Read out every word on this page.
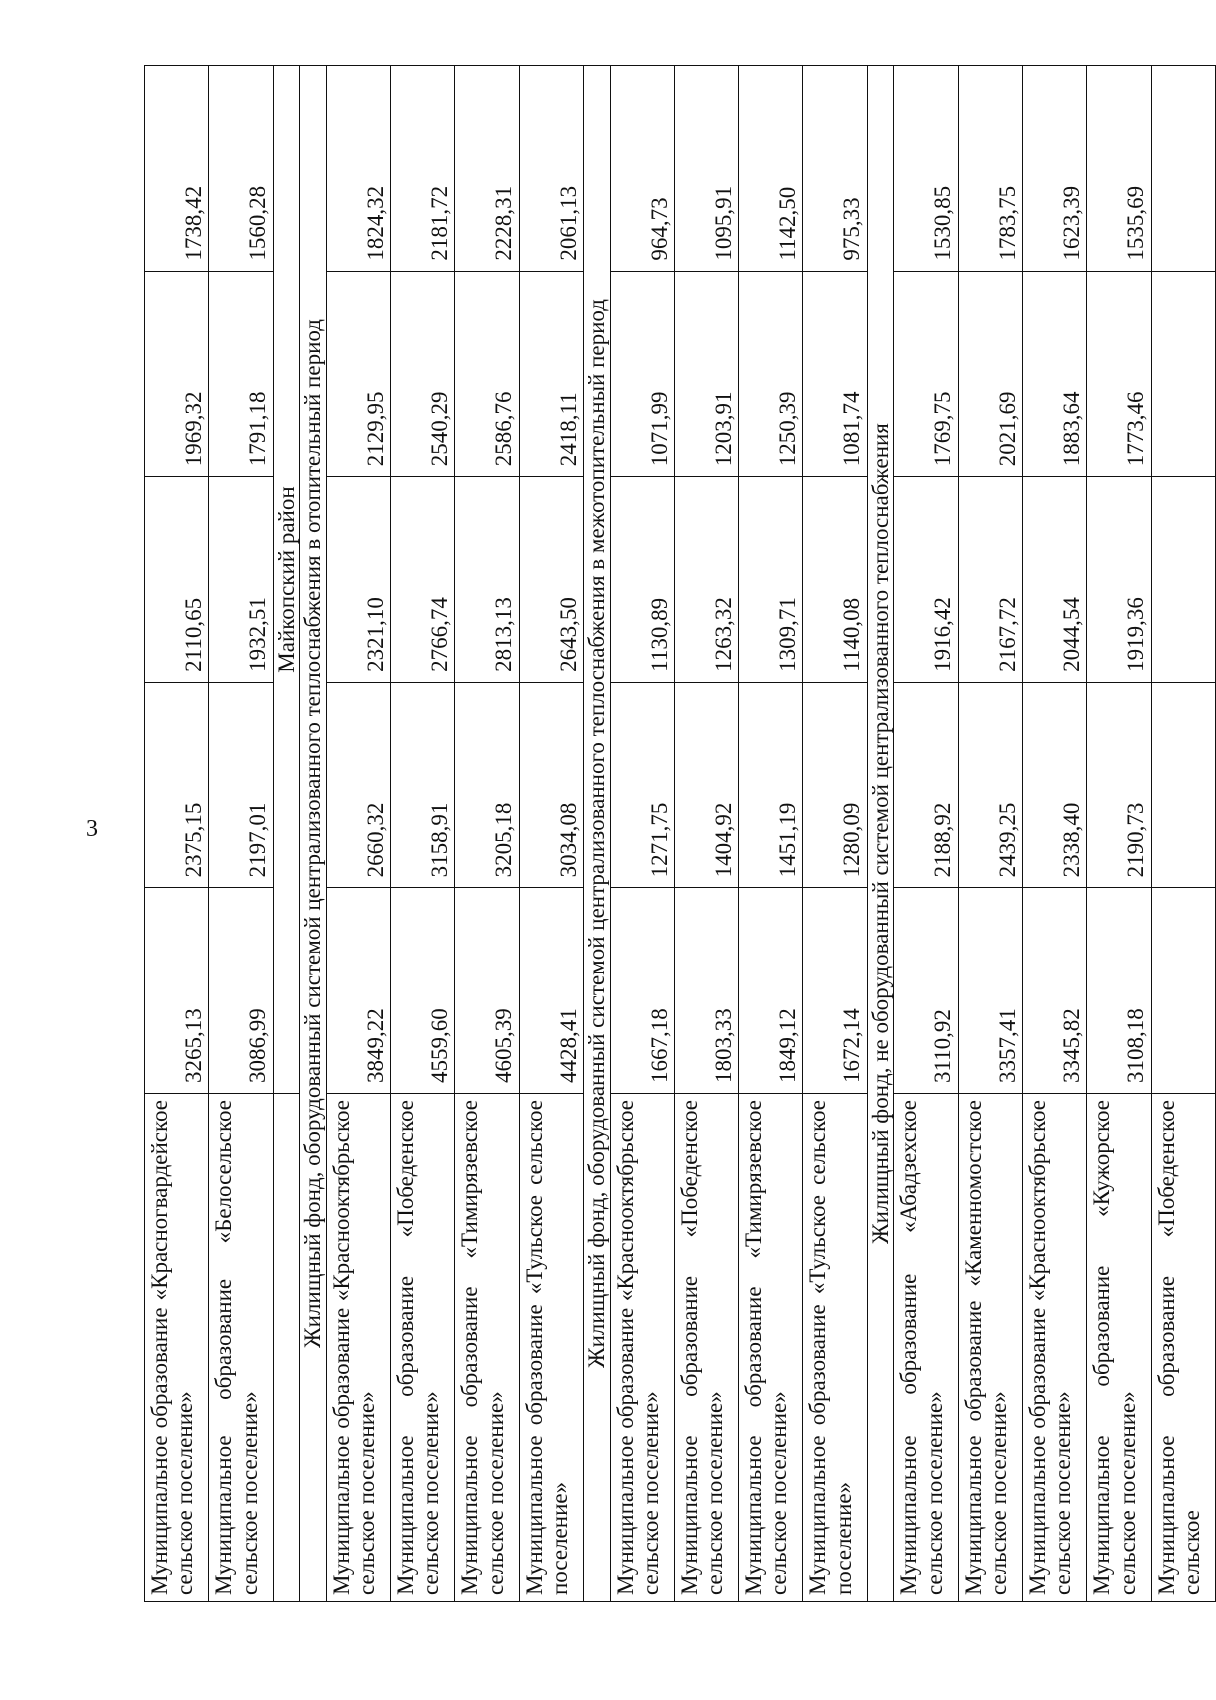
3
Муниципальное образование «Красногвардейское сельское поселение»	3265,13	2375,15	2110,65	1969,32	1738,42
Муниципальное образование «Белосельское сельское поселение»	3086,99	2197,01	1932,51	1791,18	1560,28
	Майкопский район				
Жилищный фонд, оборудованный системой централизованного теплоснабжения в отопительный период					
Муниципальное образование «Краснооктябрьское сельское поселение»	3849,22	2660,32	2321,10	2129,95	1824,32
Муниципальное образование «Победенское сельское поселение»	4559,60	3158,91	2766,74	2540,29	2181,72
Муниципальное образование «Тимирязевское сельское поселение»	4605,39	3205,18	2813,13	2586,76	2228,31
Муниципальное образование «Тульское сельское поселение»	4428,41	3034,08	2643,50	2418,11	2061,13
Жилищный фонд, оборудованный системой централизованного теплоснабжения в межотопительный период					
Муниципальное образование «Краснооктябрьское сельское поселение»	1667,18	1271,75	1130,89	1071,99	964,73
Муниципальное образование «Победенское сельское поселение»	1803,33	1404,92	1263,32	1203,91	1095,91
Муниципальное образование «Тимирязевское сельское поселение»	1849,12	1451,19	1309,71	1250,39	1142,50
Муниципальное образование «Тульское сельское поселение»	1672,14	1280,09	1140,08	1081,74	975,33
Жилищный фонд, не оборудованный системой централизованного теплоснабжения					
Муниципальное образование «Абадзехское сельское поселение»	3110,92	2188,92	1916,42	1769,75	1530,85
Муниципальное образование «Каменномостское сельское поселение»	3357,41	2439,25	2167,72	2021,69	1783,75
Муниципальное образование «Краснооктябрьское сельское поселение»	3345,82	2338,40	2044,54	1883,64	1623,39
Муниципальное образование «Кужорское сельское поселение»	3108,18	2190,73	1919,36	1773,46	1535,69
Муниципальное образование «Победенское сельское					
